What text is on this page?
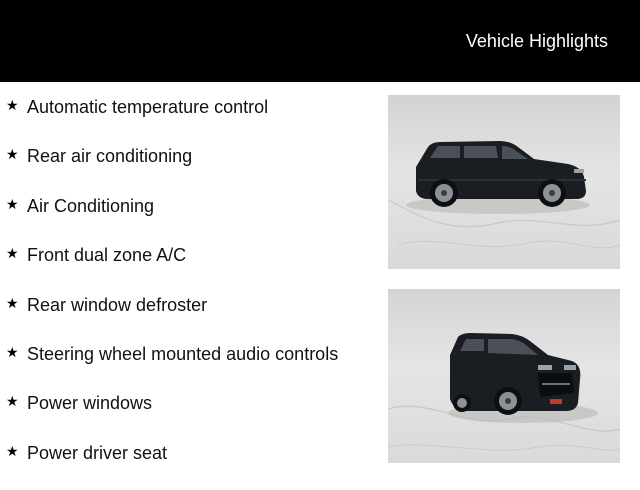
Vehicle Highlights
★ Automatic temperature control
★ Rear air conditioning
★ Air Conditioning
★ Front dual zone A/C
★ Rear window defroster
★ Steering wheel mounted audio controls
★ Power windows
★ Power driver seat
